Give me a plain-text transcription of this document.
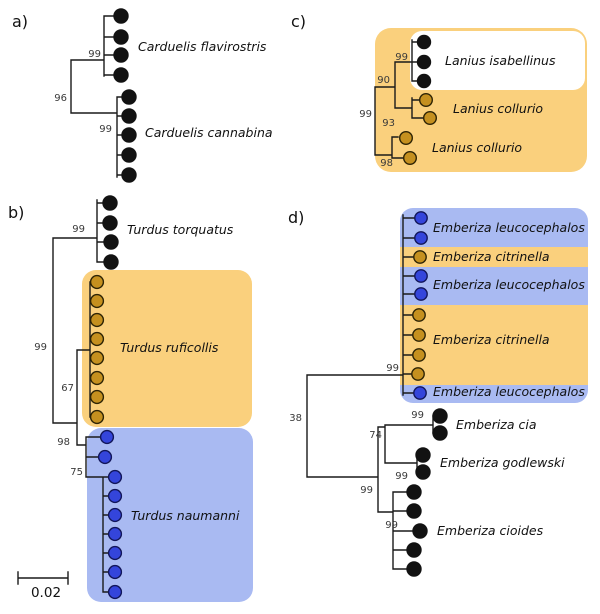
a)
99
96
99
Carduelis flavirostris
Carduelis cannabina
b)
99	Turdus torquatus
99
67
98
75
Turdus ruficollis
Turdus naumanni
0.02
c)
99
90
99
93
98
Lanius isabellinus
Lanius collurio
Lanius collurio
d)
Emberiza leucocephalos
Emberiza citrinella
Emberiza leucocephalos
Emberiza citrinella
Emberiza leucocephalos
99
38
74
99
99
99
99
Emberiza cia
Emberiza godlewski
Emberiza cioides
